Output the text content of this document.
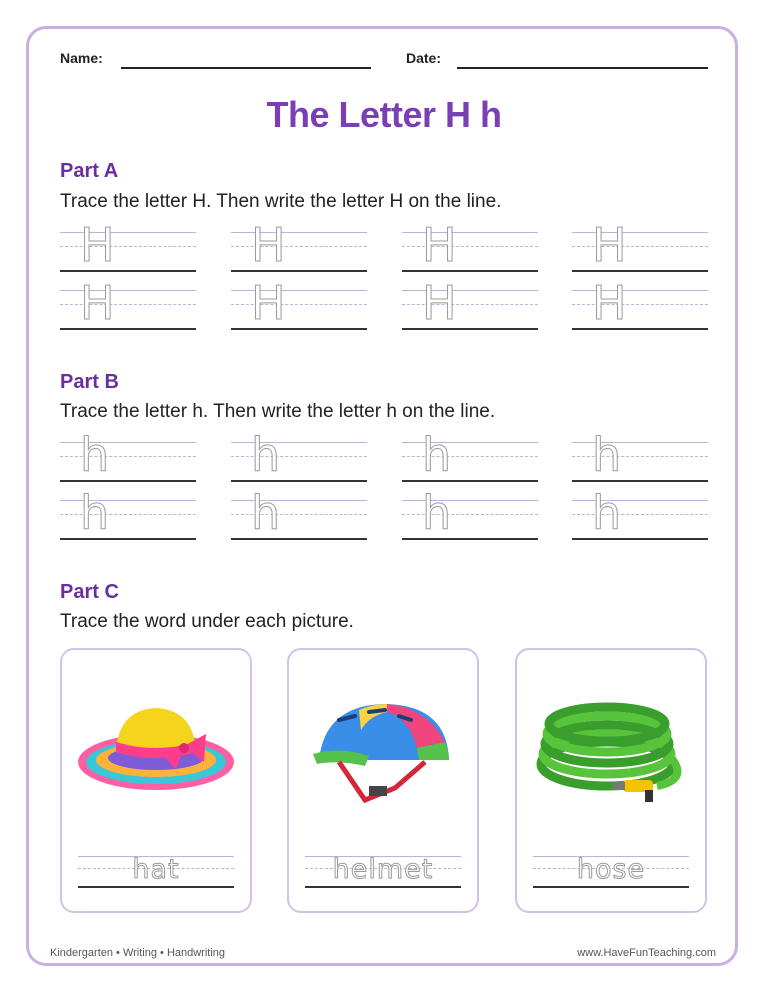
Name:	Date:
The Letter H h
Part A
Trace the letter H. Then write the letter H on the line.
H	H	H	H
H	H	H	H
Part B
Trace the letter h. Then write the letter h on the line.
h	h	h	h
h	h	h	h
Part C
Trace the word under each picture.
hat	helmet	hose
Kindergarten • Writing • Handwriting	www.HaveFunTeaching.com
